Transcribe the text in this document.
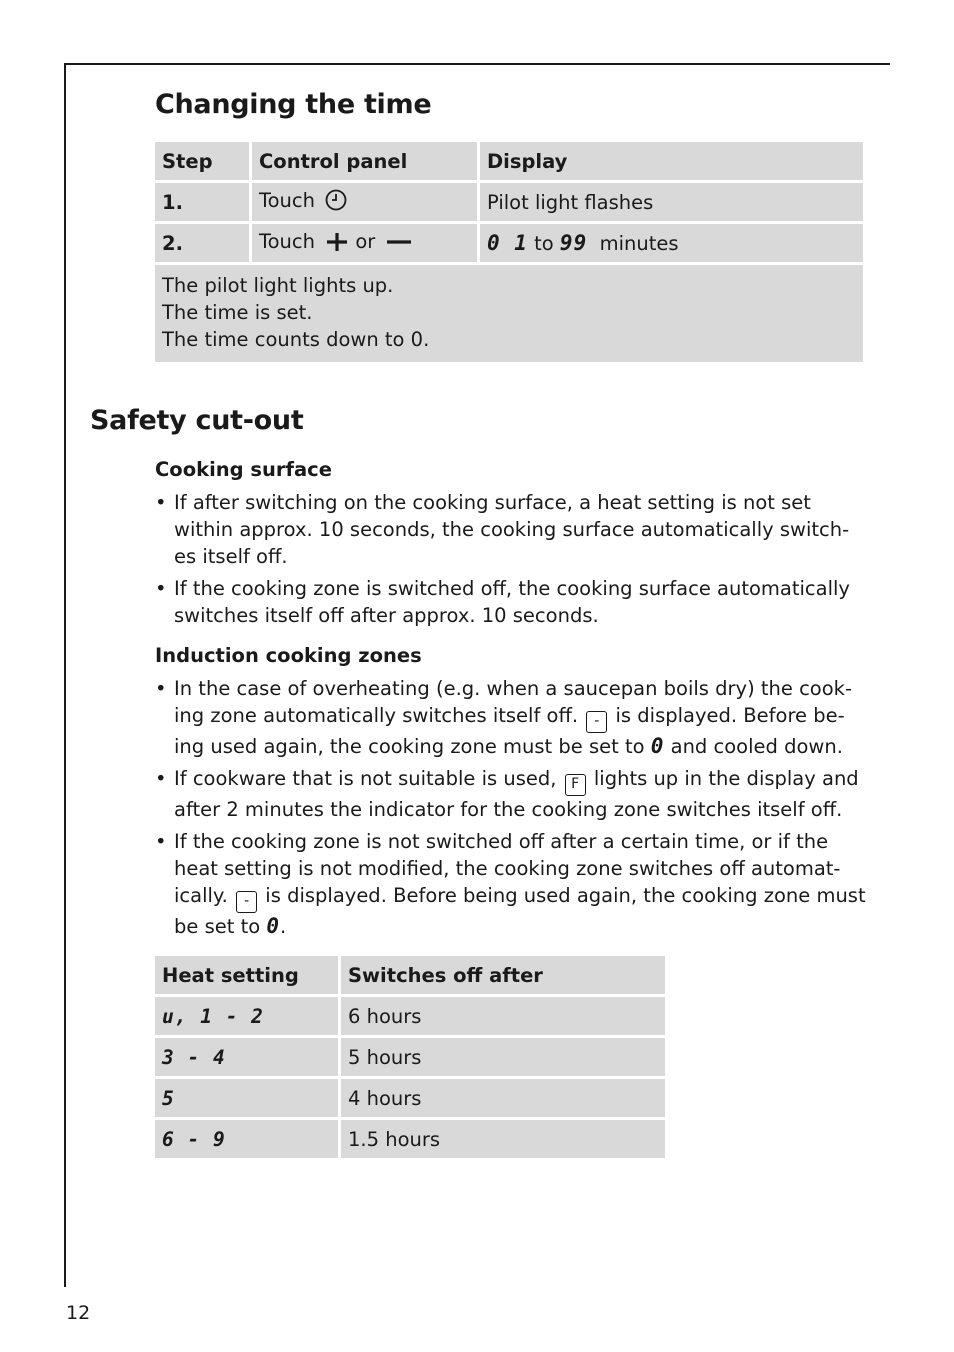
Changing the time
Step	Control panel	Display
1.	Touch	Pilot light flashes
2.	Touch or	0 1 to 99 minutes

The pilot light lights up.
The time is set.
The time counts down to 0.		
Safety cut-out
Cooking surface
• If after switching on the cooking surface, a heat setting is not set within approx. 10 seconds, the cooking surface automatically switch-es itself off.
• If the cooking zone is switched off, the cooking surface automatically switches itself off after approx. 10 seconds.
Induction cooking zones
• In the case of overheating (e.g. when a saucepan boils dry) the cook-ing zone automatically switches itself off. - is displayed. Before be-ing used again, the cooking zone must be set to 0 and cooled down.
• If cookware that is not suitable is used, F lights up in the display and after 2 minutes the indicator for the cooking zone switches itself off.
• If the cooking zone is not switched off after a certain time, or if the heat setting is not modified, the cooking zone switches off automat-ically. - is displayed. Before being used again, the cooking zone must be set to 0.
Heat setting	Switches off after
u, 1 - 2	6 hours
3 - 4	5 hours
5	4 hours
6 - 9	1.5 hours
12
